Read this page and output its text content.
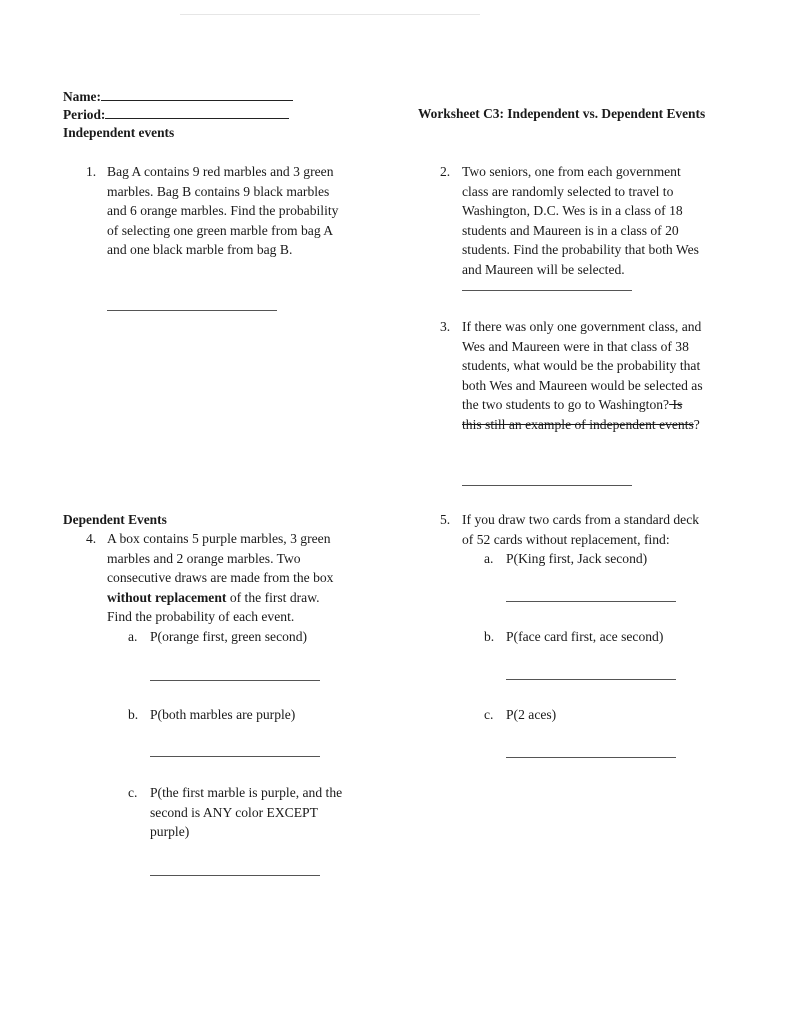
Name:
Period:
Independent events
Worksheet C3: Independent vs. Dependent Events
1. Bag A contains 9 red marbles and 3 green
marbles. Bag B contains 9 black marbles
and 6 orange marbles. Find the probability
of selecting one green marble from bag A
and one black marble from bag B.
2. Two seniors, one from each government
class are randomly selected to travel to
Washington, D.C. Wes is in a class of 18
students and Maureen is in a class of 20
students. Find the probability that both Wes
and Maureen will be selected.
3. If there was only one government class, and
Wes and Maureen were in that class of 38
students, what would be the probability that
both Wes and Maureen would be selected as
the two students to go to Washington? Is
this still an example of independent events?
Dependent Events
4. A box contains 5 purple marbles, 3 green
marbles and 2 orange marbles. Two
consecutive draws are made from the box
without replacement of the first draw.
Find the probability of each event.
a. P(orange first, green second)
b. P(both marbles are purple)
c. P(the first marble is purple, and the
second is ANY color EXCEPT
purple)
5. If you draw two cards from a standard deck
of 52 cards without replacement, find:
a. P(King first, Jack second)
b. P(face card first, ace second)
c. P(2 aces)
